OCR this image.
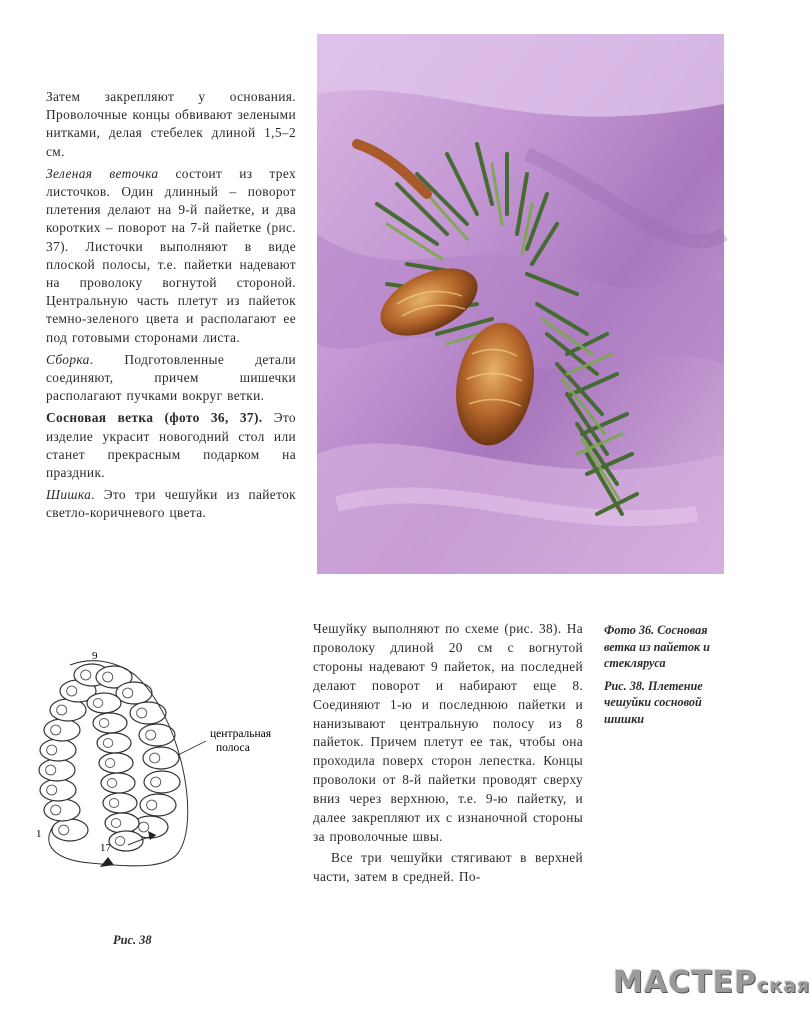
Затем закрепляют у основания. Проволочные концы обвивают зелеными нитками, делая стебелек длиной 1,5–2 см.

Зеленая веточка состоит из трех листочков. Один длинный – поворот плетения делают на 9-й пайетке, и два коротких – поворот на 7-й пайетке (рис. 37). Листочки выполняют в виде плоской полосы, т.е. пайетки надевают на проволоку вогнутой стороной. Центральную часть плетут из пайеток темно-зеленого цвета и располагают ее под готовыми сторонами листа.

Сборка. Подготовленные детали соединяют, причем шишечки располагают пучками вокруг ветки.

Сосновая ветка (фото 36, 37). Это изделие украсит новогодний стол или станет прекрасным подарком на праздник.

Шишка. Это три чешуйки из пайеток светло-коричневого цвета.

Чешуйку выполняют по схеме (рис. 38). На проволоку длиной 20 см с вогнутой стороны надевают 9 пайеток, на последней делают поворот и набирают еще 8. Соединяют 1-ю и последнюю пайетки и нанизывают центральную полосу из 8 пайеток. Причем плетут ее так, чтобы она проходила поверх сторон лепестка. Концы проволоки от 8-й пайетки проводят сверху вниз через верхнюю, т.е. 9-ю пайетку, и далее закрепляют их с изнаночной стороны за проволочные швы.

Все три чешуйки стягивают в верхней части, затем в средней. По-

Фото 36. Сосновая ветка из пайеток и стекляруса

Рис. 38. Плетение чешуйки сосновой шишки

9
1
17
центральная
полоса
Рис. 38
МАСТЕРская
